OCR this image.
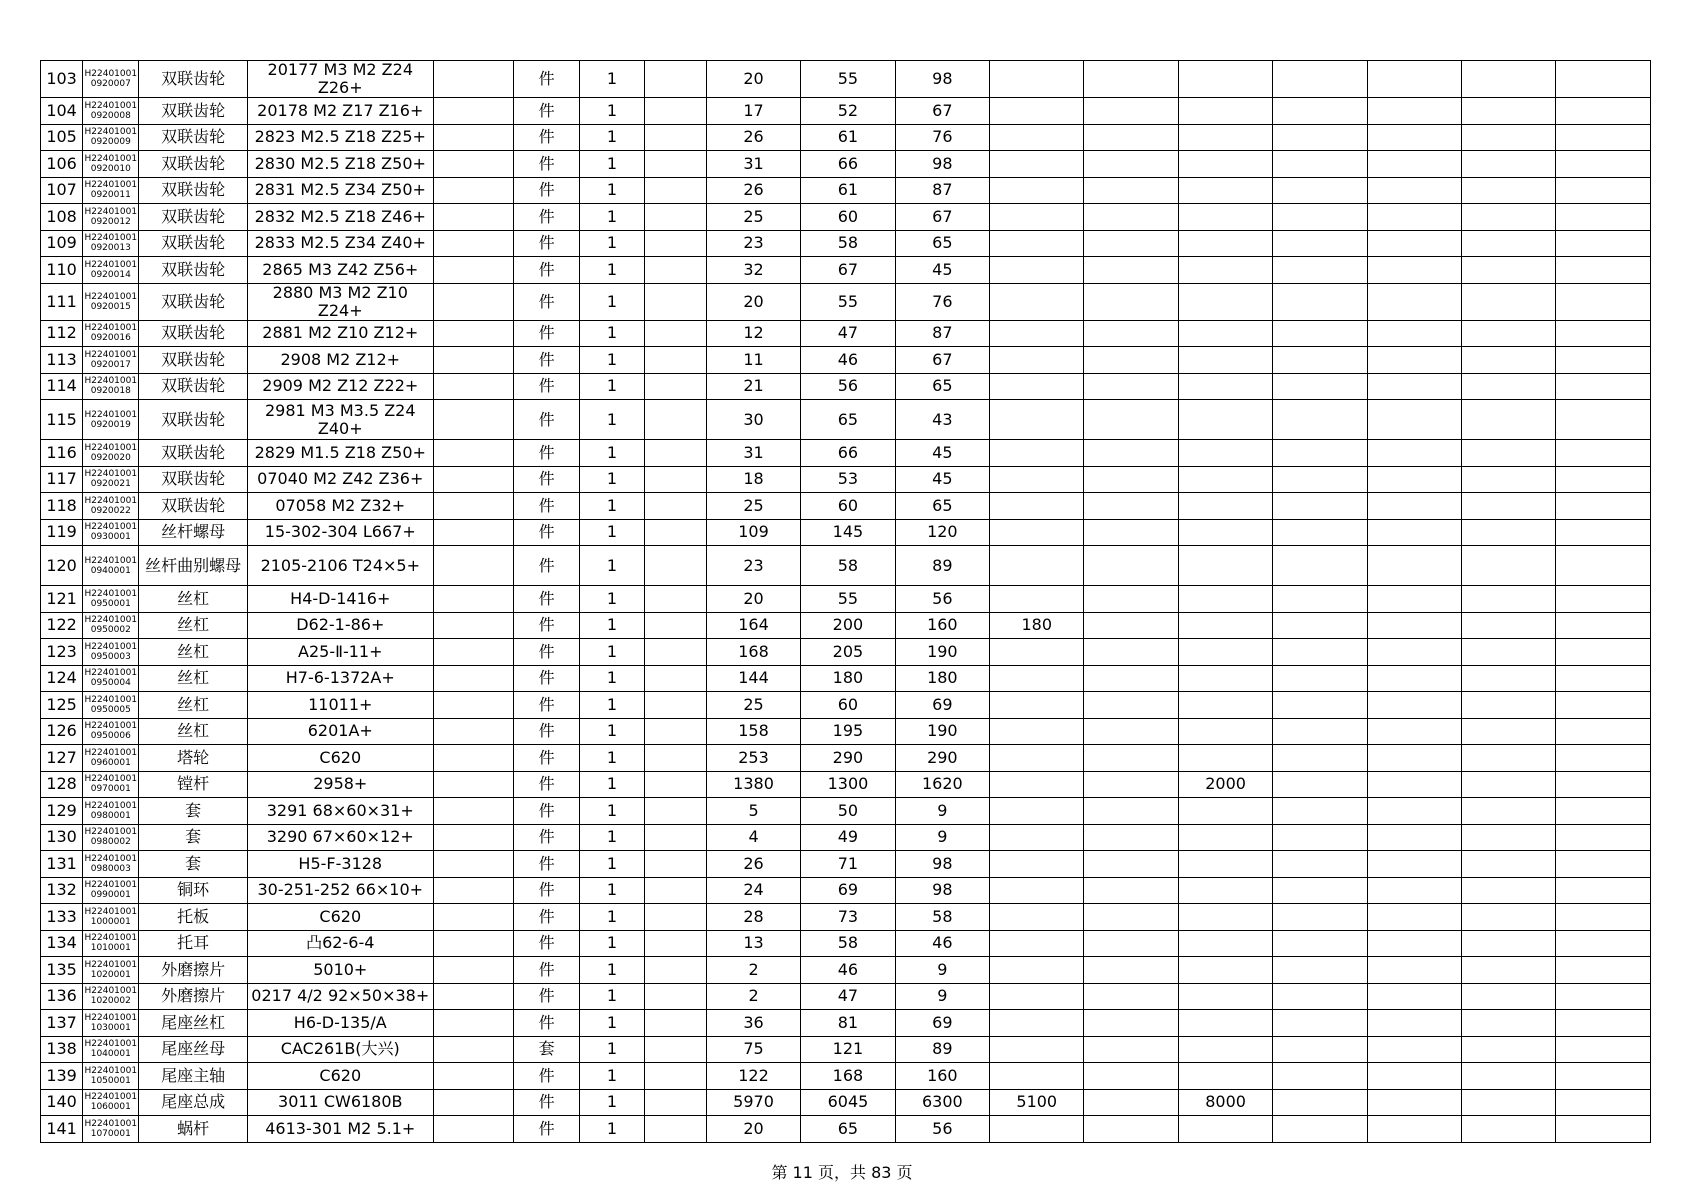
103	H22401001 0920007	双联齿轮	20177 M3 M2 Z24 Z26+		件	1		20	55	98							
104	H22401001 0920008	双联齿轮	20178 M2 Z17 Z16+		件	1		17	52	67							
105	H22401001 0920009	双联齿轮	2823 M2.5 Z18 Z25+		件	1		26	61	76							
106	H22401001 0920010	双联齿轮	2830 M2.5 Z18 Z50+		件	1		31	66	98							
107	H22401001 0920011	双联齿轮	2831 M2.5 Z34 Z50+		件	1		26	61	87							
108	H22401001 0920012	双联齿轮	2832 M2.5 Z18 Z46+		件	1		25	60	67							
109	H22401001 0920013	双联齿轮	2833 M2.5 Z34 Z40+		件	1		23	58	65							
110	H22401001 0920014	双联齿轮	2865 M3 Z42 Z56+		件	1		32	67	45							
111	H22401001 0920015	双联齿轮	2880 M3 M2 Z10 Z24+		件	1		20	55	76							
112	H22401001 0920016	双联齿轮	2881 M2 Z10 Z12+		件	1		12	47	87							
113	H22401001 0920017	双联齿轮	2908 M2 Z12+		件	1		11	46	67							
114	H22401001 0920018	双联齿轮	2909 M2 Z12 Z22+		件	1		21	56	65							
115	H22401001 0920019	双联齿轮	2981 M3 M3.5 Z24 Z40+		件	1		30	65	43							
116	H22401001 0920020	双联齿轮	2829 M1.5 Z18 Z50+		件	1		31	66	45							
117	H22401001 0920021	双联齿轮	07040 M2 Z42 Z36+		件	1		18	53	45							
118	H22401001 0920022	双联齿轮	07058 M2 Z32+		件	1		25	60	65							
119	H22401001 0930001	丝杆螺母	15-302-304 L667+		件	1		109	145	120							
120	H22401001 0940001	丝杆曲别螺母	2105-2106 T24×5+		件	1		23	58	89							
121	H22401001 0950001	丝杠	H4-D-1416+		件	1		20	55	56							
122	H22401001 0950002	丝杠	D62-1-86+		件	1		164	200	160	180						
123	H22401001 0950003	丝杠	A25-Ⅱ-11+		件	1		168	205	190							
124	H22401001 0950004	丝杠	H7-6-1372A+		件	1		144	180	180							
125	H22401001 0950005	丝杠	11011+		件	1		25	60	69							
126	H22401001 0950006	丝杠	6201A+		件	1		158	195	190							
127	H22401001 0960001	塔轮	C620		件	1		253	290	290							
128	H22401001 0970001	镗杆	2958+		件	1		1380	1300	1620			2000				
129	H22401001 0980001	套	3291 68×60×31+		件	1		5	50	9							
130	H22401001 0980002	套	3290 67×60×12+		件	1		4	49	9							
131	H22401001 0980003	套	H5-F-3128		件	1		26	71	98							
132	H22401001 0990001	铜环	30-251-252 66×10+		件	1		24	69	98							
133	H22401001 1000001	托板	C620		件	1		28	73	58							
134	H22401001 1010001	托耳	凸62-6-4		件	1		13	58	46							
135	H22401001 1020001	外磨擦片	5010+		件	1		2	46	9							
136	H22401001 1020002	外磨擦片	0217 4/2 92×50×38+		件	1		2	47	9							
137	H22401001 1030001	尾座丝杠	H6-D-135/A		件	1		36	81	69							
138	H22401001 1040001	尾座丝母	CAC261B(大兴)		套	1		75	121	89							
139	H22401001 1050001	尾座主轴	C620		件	1		122	168	160							
140	H22401001 1060001	尾座总成	3011 CW6180B		件	1		5970	6045	6300	5100		8000				
141	H22401001 1070001	蜗杆	4613-301 M2 5.1+		件	1		20	65	56							
第 11 页，共 83 页
